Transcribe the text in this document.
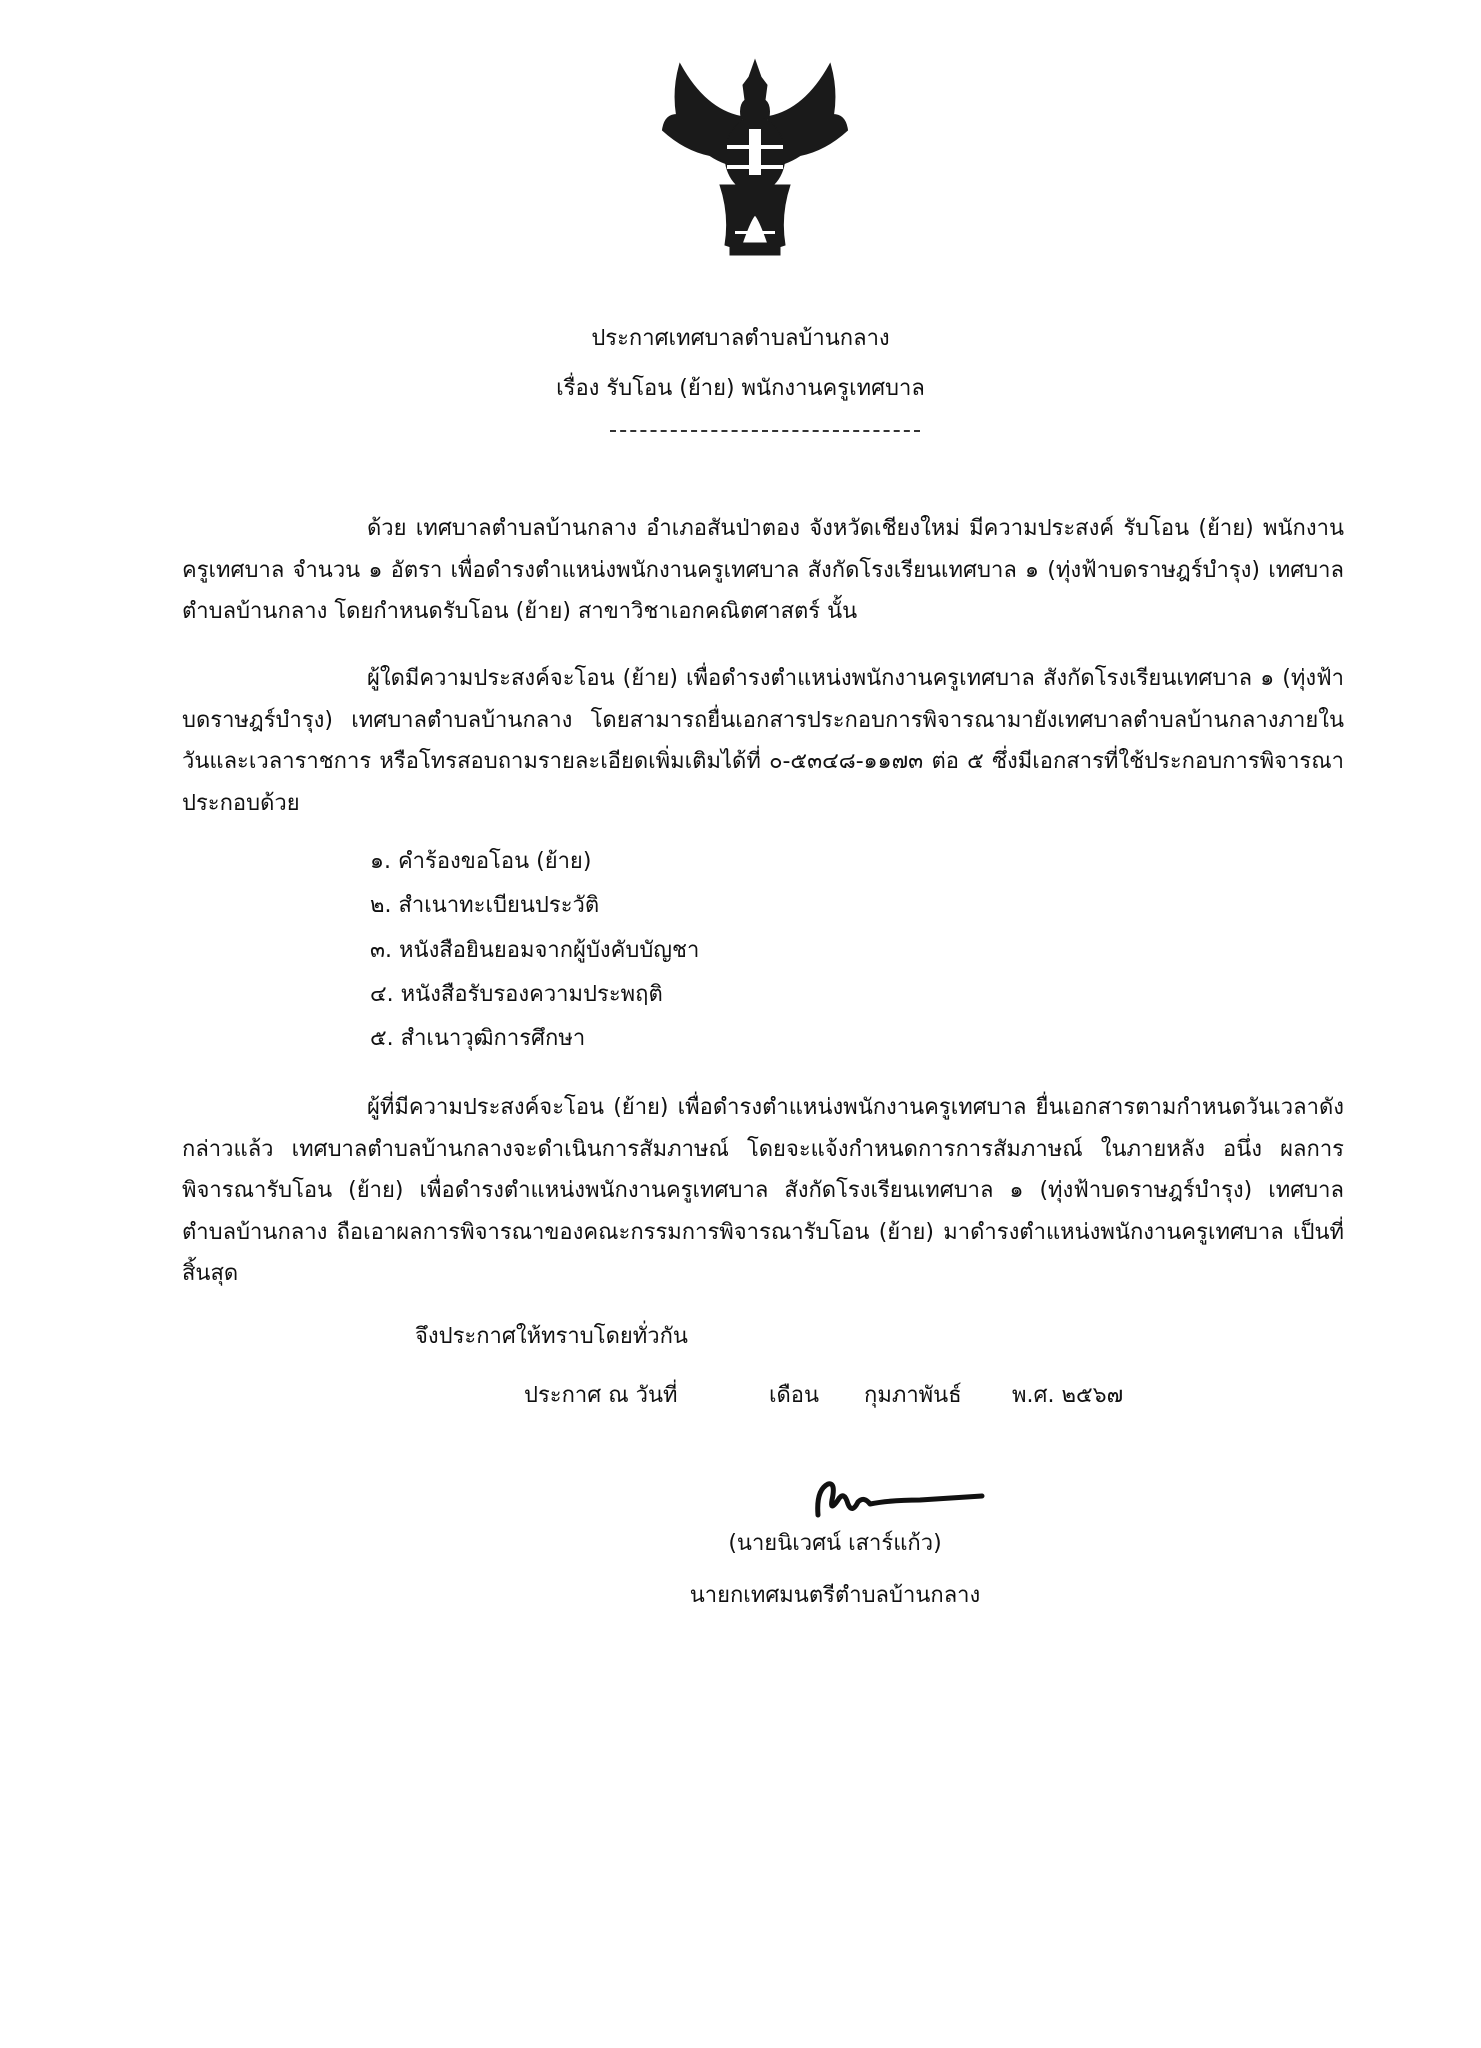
ประกาศเทศบาลตำบลบ้านกลาง
เรื่อง รับโอน (ย้าย) พนักงานครูเทศบาล

ด้วย เทศบาลตำบลบ้านกลาง อำเภอสันป่าตอง จังหวัดเชียงใหม่ มีความประสงค์ รับโอน (ย้าย) พนักงานครูเทศบาล จำนวน ๑ อัตรา เพื่อดำรงตำแหน่งพนักงานครูเทศบาล สังกัดโรงเรียนเทศบาล ๑ (ทุ่งฟ้าบดราษฎร์บำรุง) เทศบาลตำบลบ้านกลาง โดยกำหนดรับโอน (ย้าย) สาขาวิชาเอกคณิตศาสตร์ นั้น

ผู้ใดมีความประสงค์จะโอน (ย้าย) เพื่อดำรงตำแหน่งพนักงานครูเทศบาล สังกัดโรงเรียนเทศบาล ๑ (ทุ่งฟ้าบดราษฎร์บำรุง) เทศบาลตำบลบ้านกลาง โดยสามารถยื่นเอกสารประกอบการพิจารณามายังเทศบาลตำบลบ้านกลางภายในวันและเวลาราชการ หรือโทรสอบถามรายละเอียดเพิ่มเติมได้ที่ ๐-๕๓๔๘-๑๑๗๓ ต่อ ๕ ซึ่งมีเอกสารที่ใช้ประกอบการพิจารณา ประกอบด้วย

๑. คำร้องขอโอน (ย้าย)
๒. สำเนาทะเบียนประวัติ
๓. หนังสือยินยอมจากผู้บังคับบัญชา
๔. หนังสือรับรองความประพฤติ
๕. สำเนาวุฒิการศึกษา

ผู้ที่มีความประสงค์จะโอน (ย้าย) เพื่อดำรงตำแหน่งพนักงานครูเทศบาล ยื่นเอกสารตามกำหนดวันเวลาดังกล่าวแล้ว เทศบาลตำบลบ้านกลางจะดำเนินการสัมภาษณ์ โดยจะแจ้งกำหนดการการสัมภาษณ์ ในภายหลัง อนึ่ง ผลการพิจารณารับโอน (ย้าย) เพื่อดำรงตำแหน่งพนักงานครูเทศบาล สังกัดโรงเรียนเทศบาล ๑ (ทุ่งฟ้าบดราษฎร์บำรุง) เทศบาลตำบลบ้านกลาง ถือเอาผลการพิจารณาของคณะกรรมการพิจารณารับโอน (ย้าย) มาดำรงตำแหน่งพนักงานครูเทศบาล เป็นที่สิ้นสุด

จึงประกาศให้ทราบโดยทั่วกัน
ประกาศ ณ วันที่	เดือน กุมภาพันธ์ พ.ศ. ๒๕๖๗
(นายนิเวศน์ เสาร์แก้ว)
นายกเทศมนตรีตำบลบ้านกลาง
